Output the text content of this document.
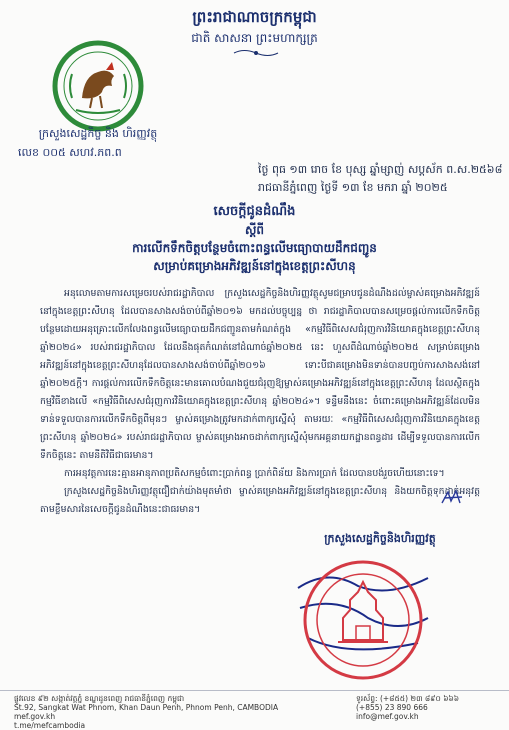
ព្រះរាជាណាចក្រកម្ពុជា
ជាតិ សាសនា ព្រះមហាក្សត្រ
ក្រសួងសេដ្ឋកិច្ច និង ហិរញ្ញវត្ថុ
លេខ ០០៥ សហវ.ភព.ព
ថ្ងៃ ពុធ ១៣ រោច ខែ បុស្ស ឆ្នាំម្សាញ់ សប្តស័ក ព.ស.២៥៦៨
រាជធានីភ្នំពេញ ថ្ងៃទី ១៣ ខែ មករា ឆ្នាំ ២០២៥
សេចក្តីជូនដំណឹង
ស្តីពី
ការលើកទឹកចិត្តបន្ថែមចំពោះពន្ធលើមធ្យោបាយដឹកជញ្ជូន
សម្រាប់គម្រោងអភិវឌ្ឍន៍នៅក្នុងខេត្តព្រះសីហនុ

អនុលោមតាមការសម្រេចរបស់រាជរដ្ឋាភិបាល ក្រសួងសេដ្ឋកិច្ចនិងហិរញ្ញវត្ថុសូមជម្រាបជូនដំណឹងដល់ម្ចាស់គម្រោងអភិវឌ្ឍន៍នៅក្នុងខេត្តព្រះសីហនុ ដែលបានសាងសង់ចាប់ពីឆ្នាំ២០១៦ មកដល់បច្ចុប្បន្ន ថា រាជរដ្ឋាភិបាលបានសម្រេចផ្តល់ការលើកទឹកចិត្តបន្ថែមដោយអនុគ្រោះលើកលែងពន្ធលើមធ្យោបាយដឹកជញ្ជូនតាមកំណត់ក្នុង «កម្មវិធីពិសេសជំរុញការវិនិយោគក្នុងខេត្តព្រះសីហនុ ឆ្នាំ២០២៤» របស់រាជរដ្ឋាភិបាល ដែលនឹងផុតកំណត់នៅដំណាច់ឆ្នាំ២០២៥ នេះ ហួសពីដំណាច់ឆ្នាំ២០២៥ សម្រាប់គម្រោងអភិវឌ្ឍន៍នៅក្នុងខេត្តព្រះសីហនុដែលបានសាងសង់ចាប់ពីឆ្នាំ២០១៦ ទោះបីជាគម្រោងមិនទាន់បានបញ្ចប់ការសាងសង់នៅឆ្នាំ២០២៥ក្តី។ ការផ្តល់ការលើកទឹកចិត្តនេះមានគោលបំណងជួយជំរុញឱ្យម្ចាស់គម្រោងអភិវឌ្ឍន៍នៅក្នុងខេត្តព្រះសីហនុ ដែលស្ថិតក្នុងកម្មវិធីខាងលើ «កម្មវិធីពិសេសជំរុញការវិនិយោគក្នុងខេត្តព្រះសីហនុ ឆ្នាំ២០២៤»។ ទន្ទឹមនឹងនេះ ចំពោះគម្រោងអភិវឌ្ឍន៍ដែលមិនទាន់ទទួលបានការលើកទឹកចិត្តពីមុនៗ ម្ចាស់គម្រោងត្រូវមកដាក់ពាក្យស្នើសុំ តាមរយៈ «កម្មវិធីពិសេសជំរុញការវិនិយោគក្នុងខេត្តព្រះសីហនុ ឆ្នាំ២០២៤» របស់រាជរដ្ឋាភិបាល ម្ចាស់គម្រោងអាចដាក់ពាក្យស្នើសុំមកអគ្គនាយកដ្ឋានពន្ធដារ ដើម្បីទទួលបានការលើកទឹកចិត្តនេះ តាមនីតិវិធីជាធរមាន។

ការអនុវត្តការនេះគ្មានអានុភាពប្រតិសកម្មចំពោះប្រាក់ពន្ធ ប្រាក់ពិន័យ និងការប្រាក់ ដែលបានបង់រួចហើយនោះទេ។

ក្រសួងសេដ្ឋកិច្ចនិងហិរញ្ញវត្ថុជឿជាក់យ៉ាងមុតមាំថា ម្ចាស់គម្រោងអភិវឌ្ឍន៍នៅក្នុងខេត្តព្រះសីហនុ និងយកចិត្តទុកដាក់អនុវត្តតាមខ្លឹមសារនៃសេចក្តីជូនដំណឹងនេះជាធរមាន។

ក្រសួងសេដ្ឋកិច្ចនិងហិរញ្ញវត្ថុ
ផ្លូវលេខ ៩២ សង្កាត់វត្តភ្នំ ខណ្ឌដូនពេញ រាជធានីភ្នំពេញ កម្ពុជា
St.92, Sangkat Wat Phnom, Khan Daun Penh, Phnom Penh, CAMBODIA
mef.gov.kh
t.me/mefcambodia
ទូរស័ព្ទ: (+៨៥៥) ២៣ ៨៩០ ៦៦៦
(+855) 23 890 666
info@mef.gov.kh
